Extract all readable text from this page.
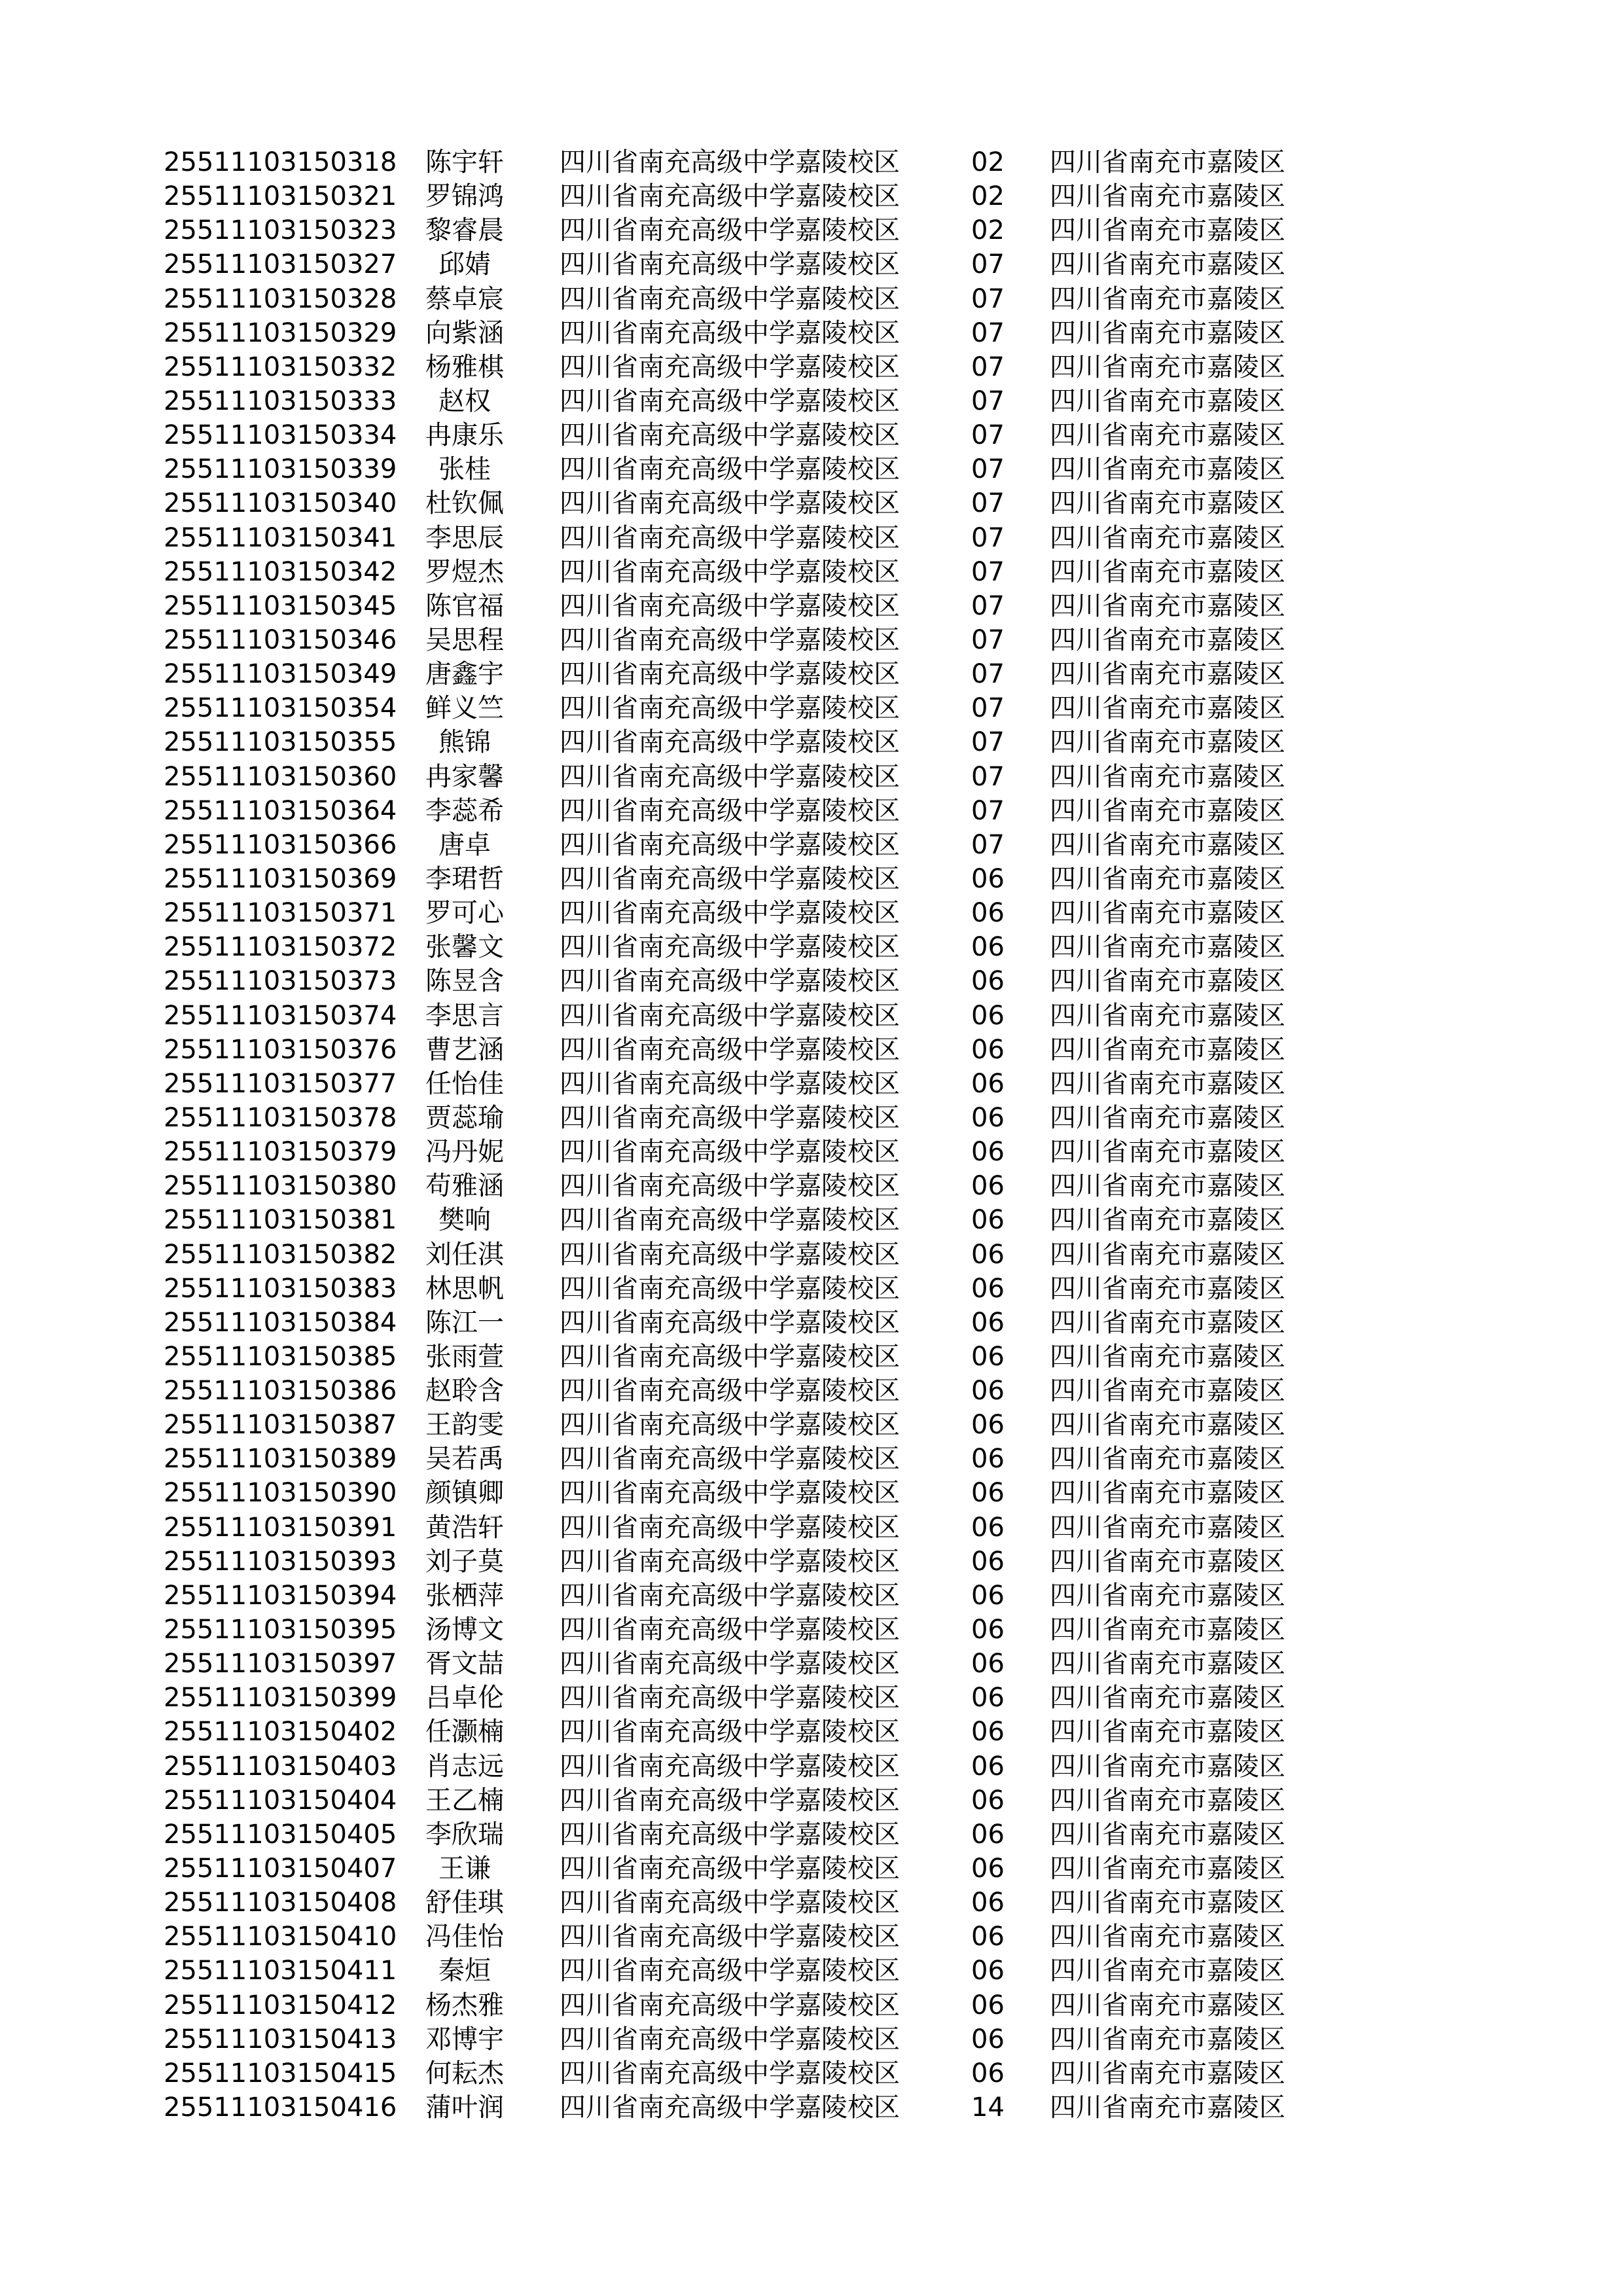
25511103150318	陈宇轩	四川省南充高级中学嘉陵校区	02 四川省南充市嘉陵区
25511103150321	罗锦鸿	四川省南充高级中学嘉陵校区	02 四川省南充市嘉陵区
25511103150323	黎睿晨	四川省南充高级中学嘉陵校区	02 四川省南充市嘉陵区
25511103150327	邱婧	四川省南充高级中学嘉陵校区	07 四川省南充市嘉陵区
25511103150328	蔡卓宸	四川省南充高级中学嘉陵校区	07 四川省南充市嘉陵区
25511103150329	向紫涵	四川省南充高级中学嘉陵校区	07 四川省南充市嘉陵区
25511103150332	杨雅棋	四川省南充高级中学嘉陵校区	07 四川省南充市嘉陵区
25511103150333	赵权	四川省南充高级中学嘉陵校区	07 四川省南充市嘉陵区
25511103150334	冉康乐	四川省南充高级中学嘉陵校区	07 四川省南充市嘉陵区
25511103150339	张桂	四川省南充高级中学嘉陵校区	07 四川省南充市嘉陵区
25511103150340	杜钦佩	四川省南充高级中学嘉陵校区	07 四川省南充市嘉陵区
25511103150341	李思辰	四川省南充高级中学嘉陵校区	07 四川省南充市嘉陵区
25511103150342	罗煜杰	四川省南充高级中学嘉陵校区	07 四川省南充市嘉陵区
25511103150345	陈官福	四川省南充高级中学嘉陵校区	07 四川省南充市嘉陵区
25511103150346	吴思程	四川省南充高级中学嘉陵校区	07 四川省南充市嘉陵区
25511103150349	唐鑫宇	四川省南充高级中学嘉陵校区	07 四川省南充市嘉陵区
25511103150354	鲜义竺	四川省南充高级中学嘉陵校区	07 四川省南充市嘉陵区
25511103150355	熊锦	四川省南充高级中学嘉陵校区	07 四川省南充市嘉陵区
25511103150360	冉家馨	四川省南充高级中学嘉陵校区	07 四川省南充市嘉陵区
25511103150364	李蕊希	四川省南充高级中学嘉陵校区	07 四川省南充市嘉陵区
25511103150366	唐卓	四川省南充高级中学嘉陵校区	07 四川省南充市嘉陵区
25511103150369	李珺哲	四川省南充高级中学嘉陵校区	06 四川省南充市嘉陵区
25511103150371	罗可心	四川省南充高级中学嘉陵校区	06 四川省南充市嘉陵区
25511103150372	张馨文	四川省南充高级中学嘉陵校区	06 四川省南充市嘉陵区
25511103150373	陈昱含	四川省南充高级中学嘉陵校区	06 四川省南充市嘉陵区
25511103150374	李思言	四川省南充高级中学嘉陵校区	06 四川省南充市嘉陵区
25511103150376	曹艺涵	四川省南充高级中学嘉陵校区	06 四川省南充市嘉陵区
25511103150377	任怡佳	四川省南充高级中学嘉陵校区	06 四川省南充市嘉陵区
25511103150378	贾蕊瑜	四川省南充高级中学嘉陵校区	06 四川省南充市嘉陵区
25511103150379	冯丹妮	四川省南充高级中学嘉陵校区	06 四川省南充市嘉陵区
25511103150380	苟雅涵	四川省南充高级中学嘉陵校区	06 四川省南充市嘉陵区
25511103150381	樊响	四川省南充高级中学嘉陵校区	06 四川省南充市嘉陵区
25511103150382	刘任淇	四川省南充高级中学嘉陵校区	06 四川省南充市嘉陵区
25511103150383	林思帆	四川省南充高级中学嘉陵校区	06 四川省南充市嘉陵区
25511103150384	陈江一	四川省南充高级中学嘉陵校区	06 四川省南充市嘉陵区
25511103150385	张雨萱	四川省南充高级中学嘉陵校区	06 四川省南充市嘉陵区
25511103150386	赵聆含	四川省南充高级中学嘉陵校区	06 四川省南充市嘉陵区
25511103150387	王韵雯	四川省南充高级中学嘉陵校区	06 四川省南充市嘉陵区
25511103150389	吴若禹	四川省南充高级中学嘉陵校区	06 四川省南充市嘉陵区
25511103150390	颜镇卿	四川省南充高级中学嘉陵校区	06 四川省南充市嘉陵区
25511103150391	黄浩轩	四川省南充高级中学嘉陵校区	06 四川省南充市嘉陵区
25511103150393	刘子莫	四川省南充高级中学嘉陵校区	06 四川省南充市嘉陵区
25511103150394	张栖萍	四川省南充高级中学嘉陵校区	06 四川省南充市嘉陵区
25511103150395	汤博文	四川省南充高级中学嘉陵校区	06 四川省南充市嘉陵区
25511103150397	胥文喆	四川省南充高级中学嘉陵校区	06 四川省南充市嘉陵区
25511103150399	吕卓伦	四川省南充高级中学嘉陵校区	06 四川省南充市嘉陵区
25511103150402	任灏楠	四川省南充高级中学嘉陵校区	06 四川省南充市嘉陵区
25511103150403	肖志远	四川省南充高级中学嘉陵校区	06 四川省南充市嘉陵区
25511103150404	王乙楠	四川省南充高级中学嘉陵校区	06 四川省南充市嘉陵区
25511103150405	李欣瑞	四川省南充高级中学嘉陵校区	06 四川省南充市嘉陵区
25511103150407	王谦	四川省南充高级中学嘉陵校区	06 四川省南充市嘉陵区
25511103150408	舒佳琪	四川省南充高级中学嘉陵校区	06 四川省南充市嘉陵区
25511103150410	冯佳怡	四川省南充高级中学嘉陵校区	06 四川省南充市嘉陵区
25511103150411	秦烜	四川省南充高级中学嘉陵校区	06 四川省南充市嘉陵区
25511103150412	杨杰雅	四川省南充高级中学嘉陵校区	06 四川省南充市嘉陵区
25511103150413	邓博宇	四川省南充高级中学嘉陵校区	06 四川省南充市嘉陵区
25511103150415	何耘杰	四川省南充高级中学嘉陵校区	06 四川省南充市嘉陵区
25511103150416	蒲叶润	四川省南充高级中学嘉陵校区	14 四川省南充市嘉陵区
